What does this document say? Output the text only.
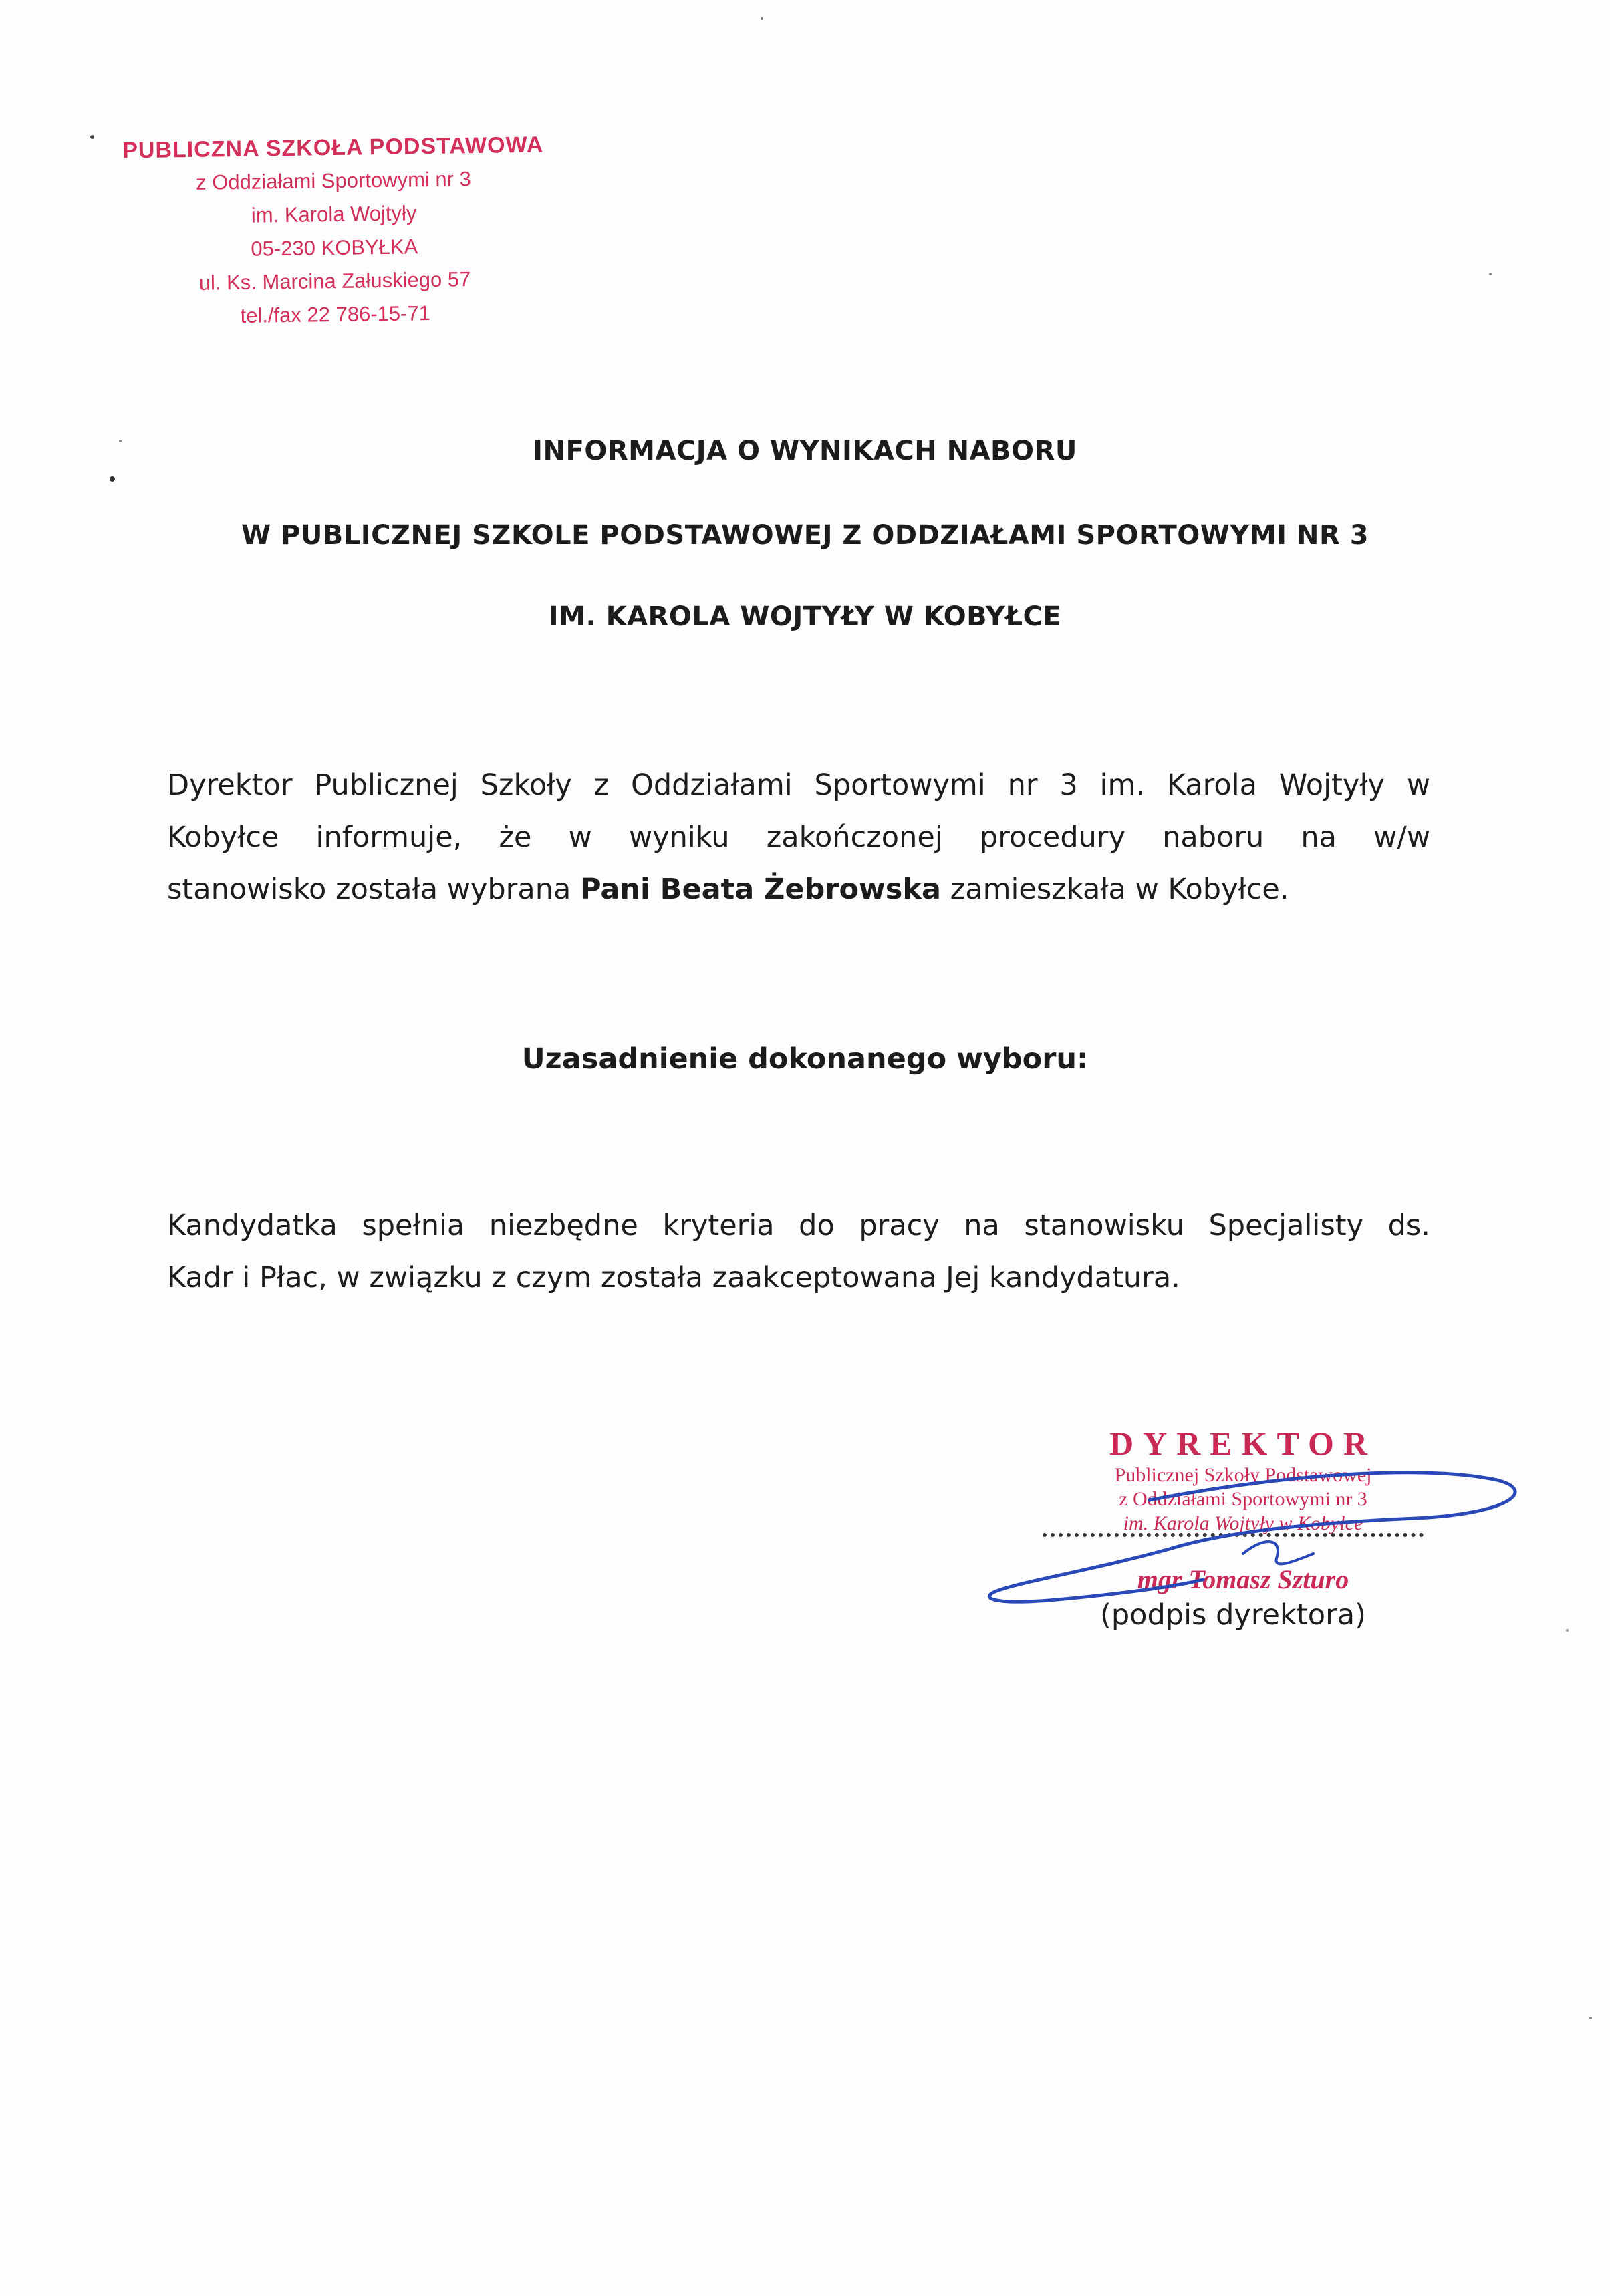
PUBLICZNA SZKOŁA PODSTAWOWA
z Oddziałami Sportowymi nr 3
im. Karola Wojtyły
05-230 KOBYŁKA
ul. Ks. Marcina Załuskiego 57
tel./fax 22 786-15-71
INFORMACJA O WYNIKACH NABORU
W PUBLICZNEJ SZKOLE PODSTAWOWEJ Z ODDZIAŁAMI SPORTOWYMI NR 3
IM. KAROLA WOJTYŁY W KOBYŁCE
Dyrektor Publicznej Szkoły z Oddziałami Sportowymi nr 3 im. Karola Wojtyły w
Kobyłce informuje, że w wyniku zakończonej procedury naboru na w/w
stanowisko została wybrana Pani Beata Żebrowska zamieszkała w Kobyłce.
Uzasadnienie dokonanego wyboru:
Kandydatka spełnia niezbędne kryteria do pracy na stanowisku Specjalisty ds.
Kadr i Płac, w związku z czym została zaakceptowana Jej kandydatura.
DYREKTOR
Publicznej Szkoły Podstawowej
z Oddziałami Sportowymi nr 3
im. Karola Wojtyły w Kobyłce
mgr Tomasz Szturo
(podpis dyrektora)
